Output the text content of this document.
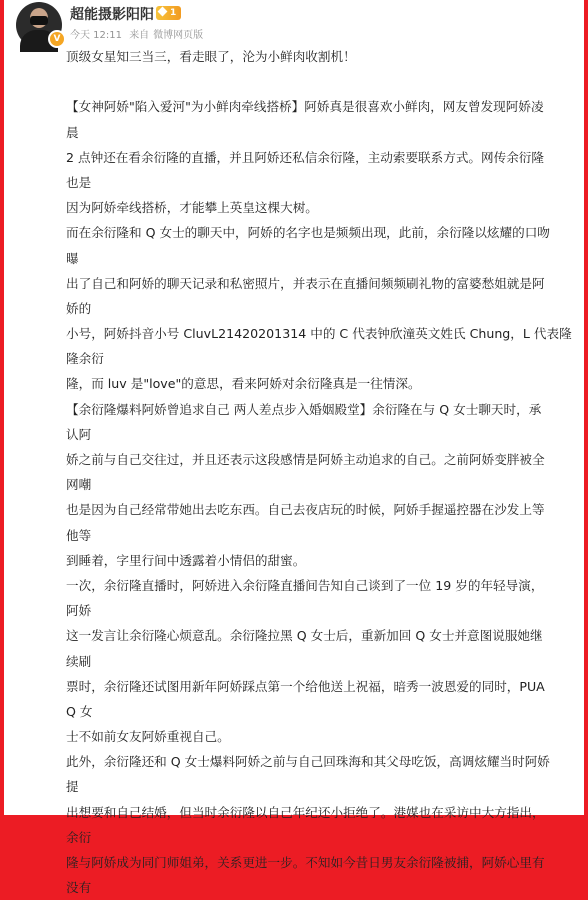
V
超能摄影阳阳	1
今天 12:11 来自 微博网页版
顶级女星知三当三，看走眼了，沦为小鲜肉收割机！
【女神阿娇"陷入爱河"为小鲜肉牵线搭桥】阿娇真是很喜欢小鲜肉，网友曾发现阿娇凌
晨
2 点钟还在看余衍隆的直播，并且阿娇还私信余衍隆，主动索要联系方式。网传余衍隆
也是
因为阿娇牵线搭桥，才能攀上英皇这棵大树。
而在余衍隆和 Q 女士的聊天中，阿娇的名字也是频频出现，此前，余衍隆以炫耀的口吻
曝
出了自己和阿娇的聊天记录和私密照片，并表示在直播间频频刷礼物的富婆愁姐就是阿
娇的
小号，阿娇抖音小号 CluvL21420201314 中的 C 代表钟欣潼英文姓氏 Chung，L 代表隆
隆余衍
隆，而 luv 是"love"的意思，看来阿娇对余衍隆真是一往情深。
【余衍隆爆料阿娇曾追求自己 两人差点步入婚姻殿堂】余衍隆在与 Q 女士聊天时，承
认阿
娇之前与自己交往过，并且还表示这段感情是阿娇主动追求的自己。之前阿娇变胖被全
网嘲
也是因为自己经常带她出去吃东西。自己去夜店玩的时候，阿娇手握遥控器在沙发上等
他等
到睡着，字里行间中透露着小情侣的甜蜜。
一次，余衍隆直播时，阿娇进入余衍隆直播间告知自己谈到了一位 19 岁的年轻导演，
阿娇
这一发言让余衍隆心烦意乱。余衍隆拉黑 Q 女士后，重新加回 Q 女士并意图说服她继
续刷
票时，余衍隆还试图用新年阿娇踩点第一个给他送上祝福，暗秀一波恩爱的同时，PUA
Q 女
士不如前女友阿娇重视自己。
此外，余衍隆还和 Q 女士爆料阿娇之前与自己回珠海和其父母吃饭，高调炫耀当时阿娇
提
出想要和自己结婚，但当时余衍隆以自己年纪还小拒绝了。港媒也在采访中大方指出，
余衍
隆与阿娇成为同门师姐弟，关系更进一步。不知如今昔日男友余衍隆被捕，阿娇心里有
没有
